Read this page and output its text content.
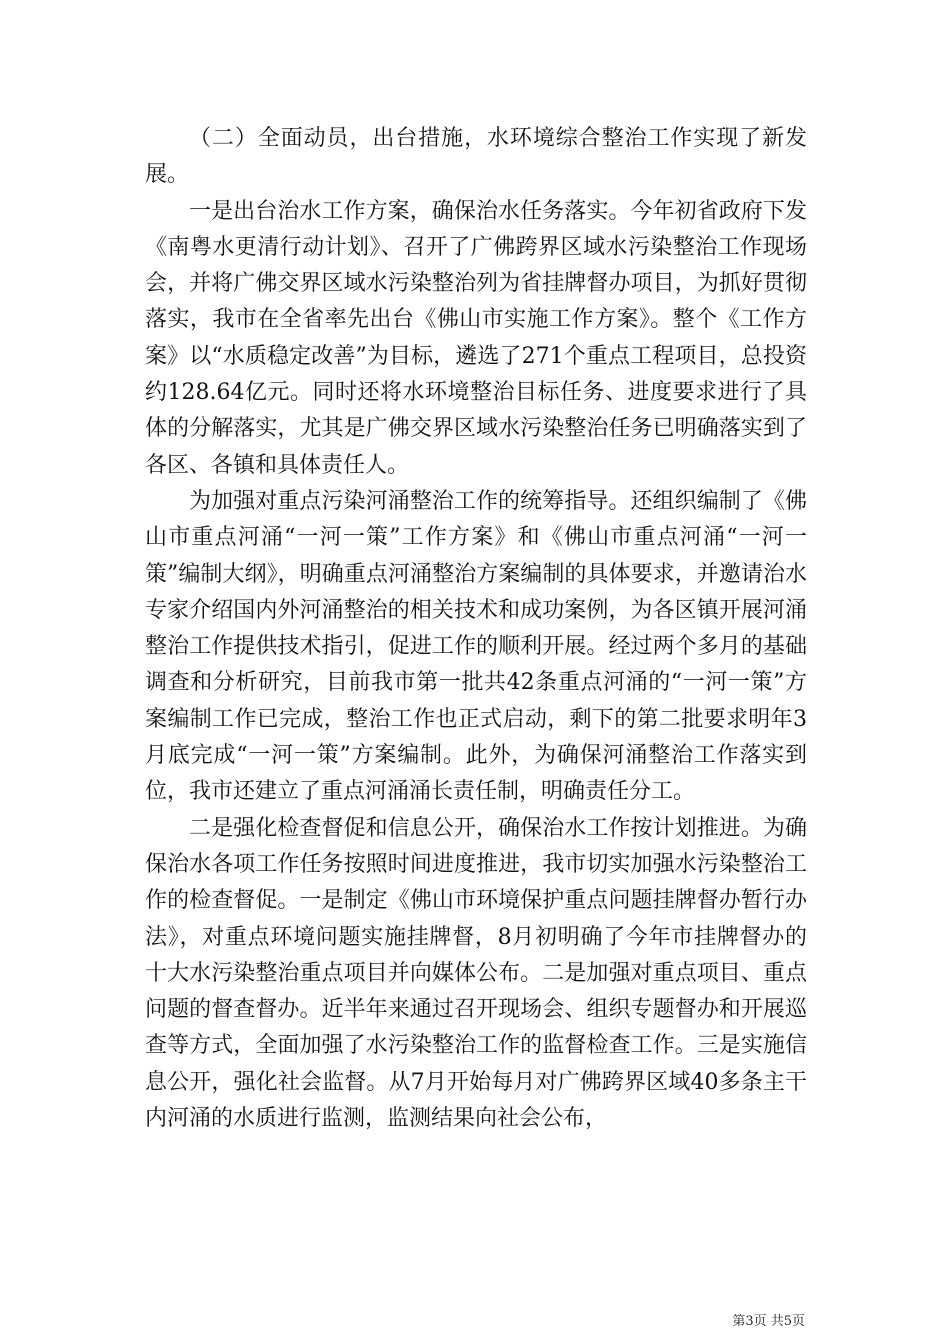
（二）全面动员，出台措施，水环境综合整治工作实现了新发展。

一是出台治水工作方案，确保治水任务落实。今年初省政府下发《南粤水更清行动计划》、召开了广佛跨界区域水污染整治工作现场会，并将广佛交界区域水污染整治列为省挂牌督办项目，为抓好贯彻落实，我市在全省率先出台《佛山市实施工作方案》。整个《工作方案》以“水质稳定改善”为目标，遴选了271个重点工程项目，总投资约128.64亿元。同时还将水环境整治目标任务、进度要求进行了具体的分解落实，尤其是广佛交界区域水污染整治任务已明确落实到了各区、各镇和具体责任人。

为加强对重点污染河涌整治工作的统筹指导。还组织编制了《佛山市重点河涌“一河一策”工作方案》和《佛山市重点河涌“一河一策”编制大纲》，明确重点河涌整治方案编制的具体要求，并邀请治水专家介绍国内外河涌整治的相关技术和成功案例，为各区镇开展河涌整治工作提供技术指引，促进工作的顺利开展。经过两个多月的基础调查和分析研究，目前我市第一批共42条重点河涌的“一河一策”方案编制工作已完成，整治工作也正式启动，剩下的第二批要求明年3月底完成“一河一策”方案编制。此外，为确保河涌整治工作落实到位，我市还建立了重点河涌涌长责任制，明确责任分工。

二是强化检查督促和信息公开，确保治水工作按计划推进。为确保治水各项工作任务按照时间进度推进，我市切实加强水污染整治工作的检查督促。一是制定《佛山市环境保护重点问题挂牌督办暂行办法》，对重点环境问题实施挂牌督，8月初明确了今年市挂牌督办的十大水污染整治重点项目并向媒体公布。二是加强对重点项目、重点问题的督查督办。近半年来通过召开现场会、组织专题督办和开展巡查等方式，全面加强了水污染整治工作的监督检查工作。三是实施信息公开，强化社会监督。从7月开始每月对广佛跨界区域40多条主干内河涌的水质进行监测，监测结果向社会公布，

第3页 共5页
